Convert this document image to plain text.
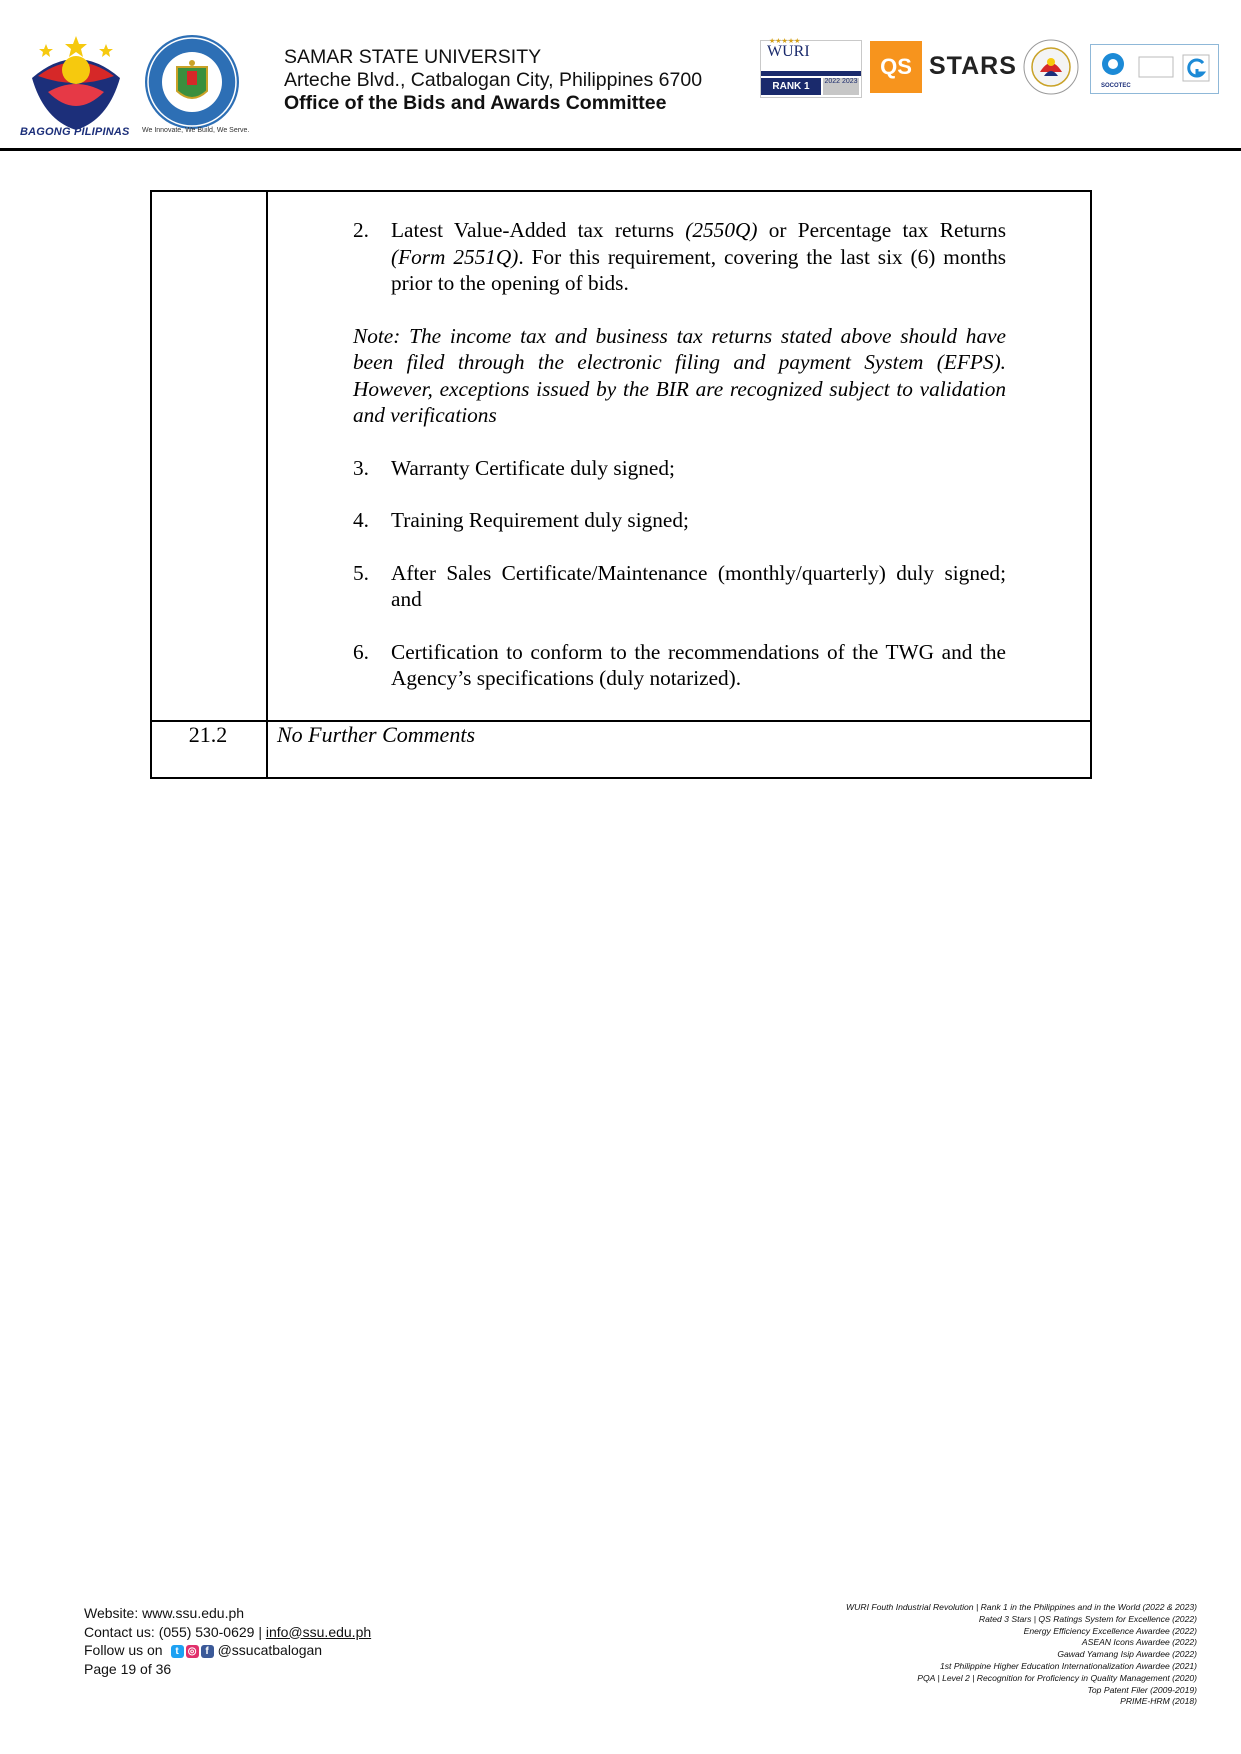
BAGONG PILIPINAS We Innovate, We Build, We Serve.
SAMAR STATE UNIVERSITY
Arteche Blvd., Catbalogan City, Philippines 6700
Office of the Bids and Awards Committee
★★★★★
WURI
RANK 1	2022 2023
QS STARS
SOCOTEC
2.	Latest Value-Added tax returns (2550Q) or Percentage tax Returns (Form 2551Q). For this requirement, covering the last six (6) months prior to the opening of bids.
Note: The income tax and business tax returns stated above should have been filed through the electronic filing and payment System (EFPS). However, exceptions issued by the BIR are recognized subject to validation and verifications
3.	Warranty Certificate duly signed;
4.	Training Requirement duly signed;
5.	After Sales Certificate/Maintenance (monthly/quarterly) duly signed; and
6.	Certification to conform to the recommendations of the TWG and the Agency’s specifications (duly notarized).
21.2	No Further Comments
Website: www.ssu.edu.ph
Contact us: (055) 530-0629 | info@ssu.edu.ph
Follow us on	t ◎ f @ssucatbalogan
Page 19 of 36
WURI Fouth Industrial Revolution | Rank 1 in the Philippines and in the World (2022 & 2023)
Rated 3 Stars | QS Ratings System for Excellence (2022)
Energy Efficiency Excellence Awardee (2022)
ASEAN Icons Awardee (2022)
Gawad Yamang Isip Awardee (2022)
1st Philippine Higher Education Internationalization Awardee (2021)
PQA | Level 2 | Recognition for Proficiency in Quality Management (2020)
Top Patent Filer (2009-2019)
PRIME-HRM (2018)
